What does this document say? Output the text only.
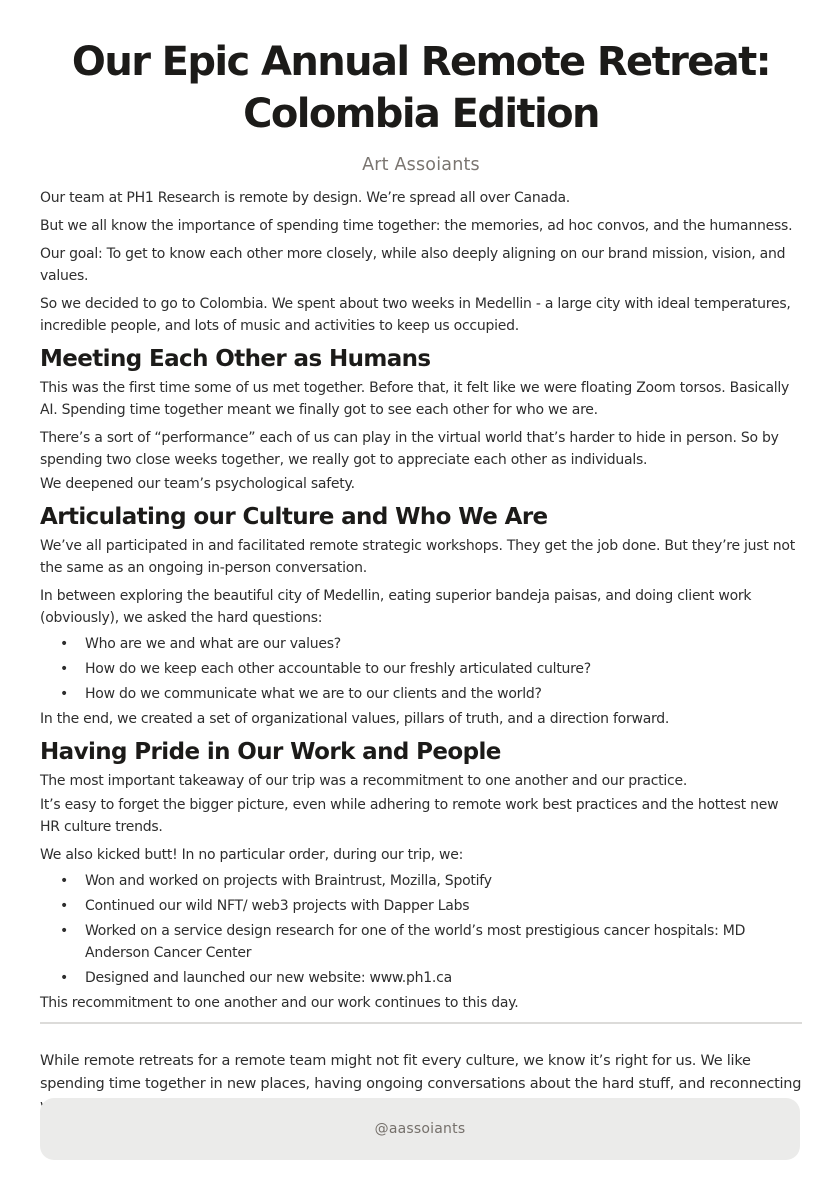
Our Epic Annual Remote Retreat:
Colombia Edition
Art Assoiants

Our team at PH1 Research is remote by design. We’re spread all over Canada.

But we all know the importance of spending time together: the memories, ad hoc convos, and the humanness.

Our goal: To get to know each other more closely, while also deeply aligning on our brand mission, vision, and values.

So we decided to go to Colombia. We spent about two weeks in Medellin - a large city with ideal temperatures, incredible people, and lots of music and activities to keep us occupied.

Meeting Each Other as Humans

This was the first time some of us met together. Before that, it felt like we were floating Zoom torsos. Basically AI. Spending time together meant we finally got to see each other for who we are.

There’s a sort of “performance” each of us can play in the virtual world that’s harder to hide in person. So by spending two close weeks together, we really got to appreciate each other as individuals.

We deepened our team’s psychological safety.

Articulating our Culture and Who We Are

We’ve all participated in and facilitated remote strategic workshops. They get the job done. But they’re just not the same as an ongoing in-person conversation.

In between exploring the beautiful city of Medellin, eating superior bandeja paisas, and doing client work (obviously), we asked the hard questions:

• Who are we and what are our values?
• How do we keep each other accountable to our freshly articulated culture?
• How do we communicate what we are to our clients and the world?

In the end, we created a set of organizational values, pillars of truth, and a direction forward.

Having Pride in Our Work and People

The most important takeaway of our trip was a recommitment to one another and our practice.

It’s easy to forget the bigger picture, even while adhering to remote work best practices and the hottest new HR culture trends.

We also kicked butt! In no particular order, during our trip, we:

• Won and worked on projects with Braintrust, Mozilla, Spotify
• Continued our wild NFT/ web3 projects with Dapper Labs
• Worked on a service design research for one of the world’s most prestigious cancer hospitals: MD Anderson Cancer Center
• Designed and launched our new website: www.ph1.ca

This recommitment to one another and our work continues to this day.

While remote retreats for a remote team might not fit every culture, we know it’s right for us. We like spending time together in new places, having ongoing conversations about the hard stuff, and reconnecting

@aassoiants
